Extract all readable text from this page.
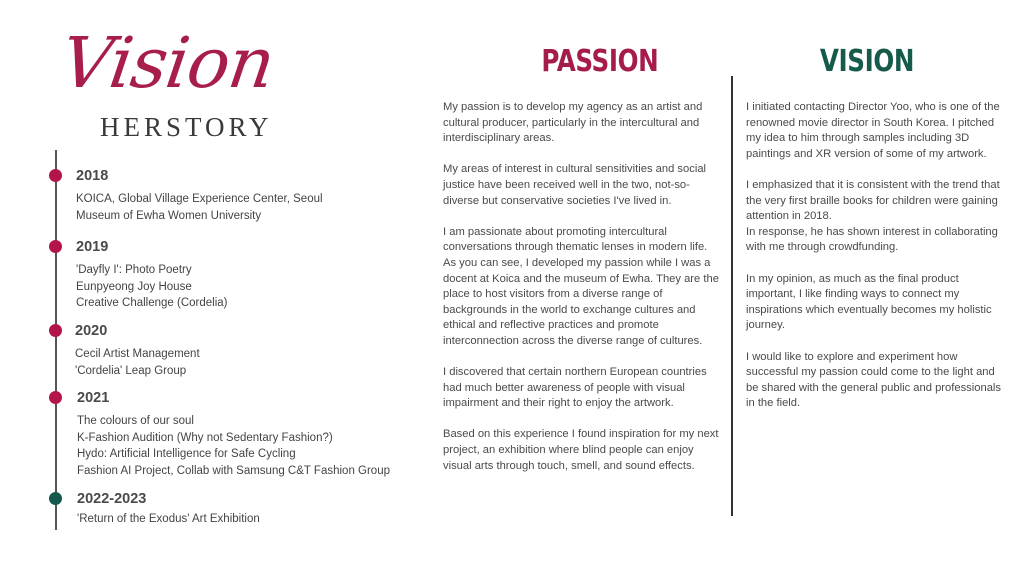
Vision
HERSTORY
2018
KOICA, Global Village Experience Center, Seoul
Museum of Ewha Women University
2019
'Dayfly I': Photo Poetry
Eunpyeong Joy House
Creative Challenge (Cordelia)
2020
Cecil Artist Management
'Cordelia' Leap Group
2021
The colours of our soul
K-Fashion Audition (Why not Sedentary Fashion?)
Hydo: Artificial Intelligence for Safe Cycling
Fashion AI Project, Collab with Samsung C&T Fashion Group
2022-2023
'Return of the Exodus' Art Exhibition
PASSION

My passion is to develop my agency as an artist and cultural producer, particularly in the intercultural and interdisciplinary areas.

My areas of interest in cultural sensitivities and social justice have been received well in the two, not-so-diverse but conservative societies I've lived in.

I am passionate about promoting intercultural conversations through thematic lenses in modern life.
As you can see, I developed my passion while I was a docent at Koica and the museum of Ewha. They are the place to host visitors from a diverse range of backgrounds in the world to exchange cultures and ethical and reflective practices and promote interconnection across the diverse range of cultures.

I discovered that certain northern European countries had much better awareness of people with visual impairment and their right to enjoy the artwork.

Based on this experience I found inspiration for my next project, an exhibition where blind people can enjoy visual arts through touch, smell, and sound effects.

VISION

I initiated contacting Director Yoo, who is one of the renowned movie director in South Korea. I pitched my idea to him through samples including 3D paintings and XR version of some of my artwork.

I emphasized that it is consistent with the trend that the very first braille books for children were gaining attention in 2018.
In response, he has shown interest in collaborating with me through crowdfunding.

In my opinion, as much as the final product important, I like finding ways to connect my inspirations which eventually becomes my holistic journey.

I would like to explore and experiment how successful my passion could come to the light and be shared with the general public and professionals in the field.
